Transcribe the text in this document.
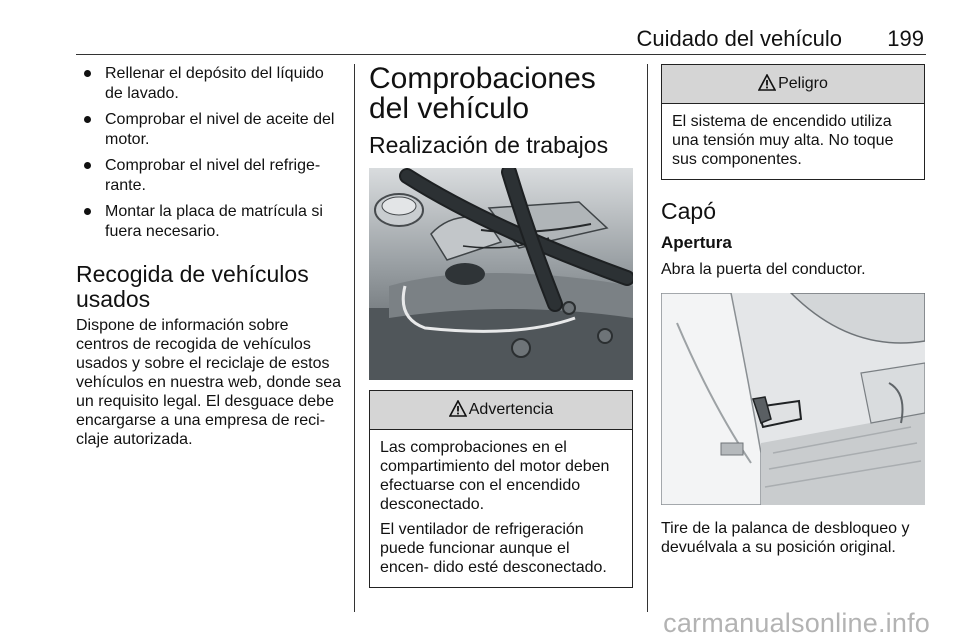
Cuidado del vehículo 199
Rellenar el depósito del líquido de lavado.
Comprobar el nivel de aceite del motor.
Comprobar el nivel del refrige- rante.
Montar la placa de matrícula si fuera necesario.
Recogida de vehículos usados

Dispone de información sobre centros de recogida de vehículos usados y sobre el reciclaje de estos vehículos en nuestra web, donde sea un requisito legal. El desguace debe encargarse a una empresa de reci- claje autorizada.

Comprobaciones del vehículo
Realización de trabajos
Advertencia

Las comprobaciones en el compartimiento del motor deben efectuarse con el encendido desconectado.

El ventilador de refrigeración puede funcionar aunque el encen- dido esté desconectado.

Peligro

El sistema de encendido utiliza una tensión muy alta. No toque sus componentes.

Capó
Apertura

Abra la puerta del conductor.

Tire de la palanca de desbloqueo y devuélvala a su posición original.

carmanualsonline.info
